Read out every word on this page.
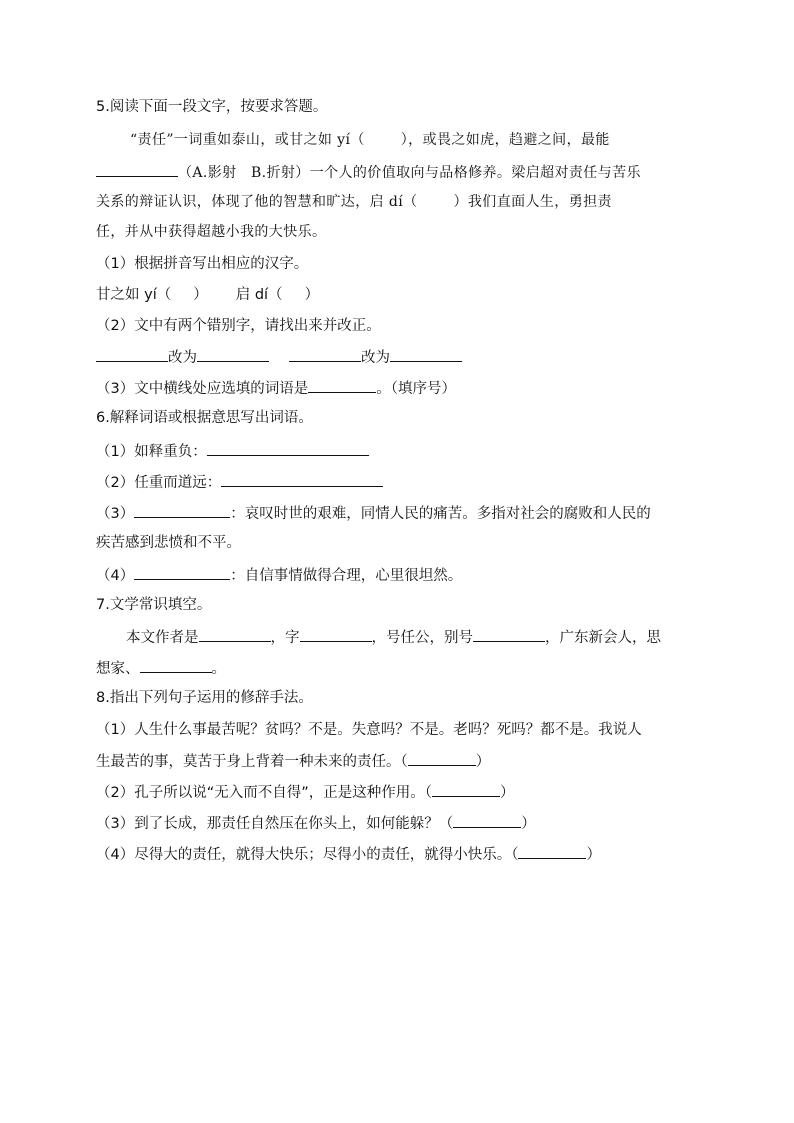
5.阅读下面一段文字，按要求答题。
“责任”一词重如泰山，或甘之如 yí（	），或畏之如虎，趋避之间，最能
（A.影射　B.折射）一个人的价值取向与品格修养。梁启超对责任与苦乐
关系的辩证认识，体现了他的智慧和旷达，启 dí（	）我们直面人生，勇担责
任，并从中获得超越小我的大快乐。
（1）根据拼音写出相应的汉字。
甘之如 yí（ ） 启 dí（ ）
（2）文中有两个错别字，请找出来并改正。
改为	改为
（3）文中横线处应选填的词语是	。（填序号）
6.解释词语或根据意思写出词语。
（1）如释重负：
（2）任重而道远：
（3）	：哀叹时世的艰难，同情人民的痛苦。多指对社会的腐败和人民的
疾苦感到悲愤和不平。
（4）	：自信事情做得合理，心里很坦然。
7.文学常识填空。
本文作者是	，字	，号任公，别号	，广东新会人，思
想家、	。
8.指出下列句子运用的修辞手法。
（1）人生什么事最苦呢？贫吗？不是。失意吗？不是。老吗？死吗？都不是。我说人
生最苦的事，莫苦于身上背着一种未来的责任。（	）
（2）孔子所以说“无入而不自得”，正是这种作用。（	）
（3）到了长成，那责任自然压在你头上，如何能躲？（	）
（4）尽得大的责任，就得大快乐；尽得小的责任，就得小快乐。（	）
